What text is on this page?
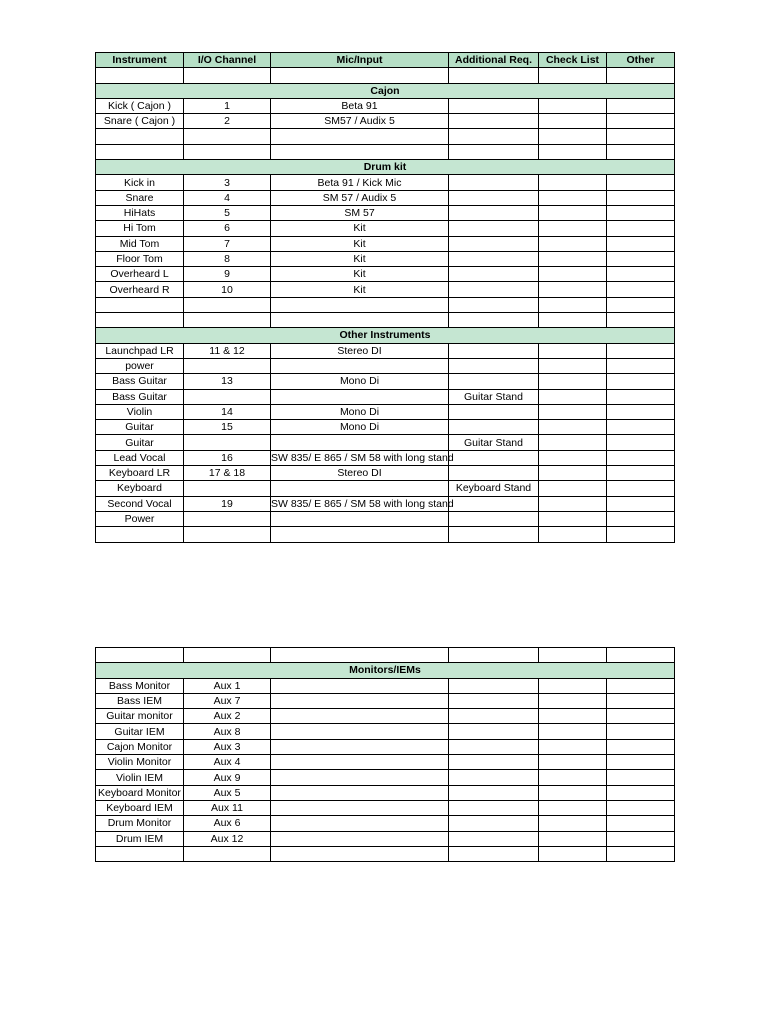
Instrument	I/O Channel	Mic/Input	Additional Req.	Check List	Other

Cajon					
Kick ( Cajon )	1	Beta 91			
Snare ( Cajon )	2	SM57 / Audix 5			

Drum kit					
Kick in	3	Beta 91 / Kick Mic			
Snare	4	SM 57 / Audix 5			
HiHats	5	SM 57			
Hi Tom	6	Kit			
Mid Tom	7	Kit			
Floor Tom	8	Kit			
Overheard L	9	Kit			
Overheard R	10	Kit			

Other Instruments					
Launchpad LR	11 & 12	Stereo DI			
power					
Bass Guitar	13	Mono Di			
Bass Guitar			Guitar Stand		
Violin	14	Mono Di			
Guitar	15	Mono Di			
Guitar			Guitar Stand		
Lead Vocal	16	SW 835/ E 865 / SM 58 with long stand			
Keyboard LR	17 & 18	Stereo DI			
Keyboard			Keyboard Stand		
Second Vocal	19	SW 835/ E 865 / SM 58 with long stand			
Power					

Monitors/IEMs					
Bass Monitor	Aux 1				
Bass IEM	Aux 7				
Guitar monitor	Aux 2				
Guitar IEM	Aux 8				
Cajon Monitor	Aux 3				
Violin Monitor	Aux 4				
Violin IEM	Aux 9				
Keyboard Monitor	Aux 5				
Keyboard IEM	Aux 11				
Drum Monitor	Aux 6				
Drum IEM	Aux 12				
